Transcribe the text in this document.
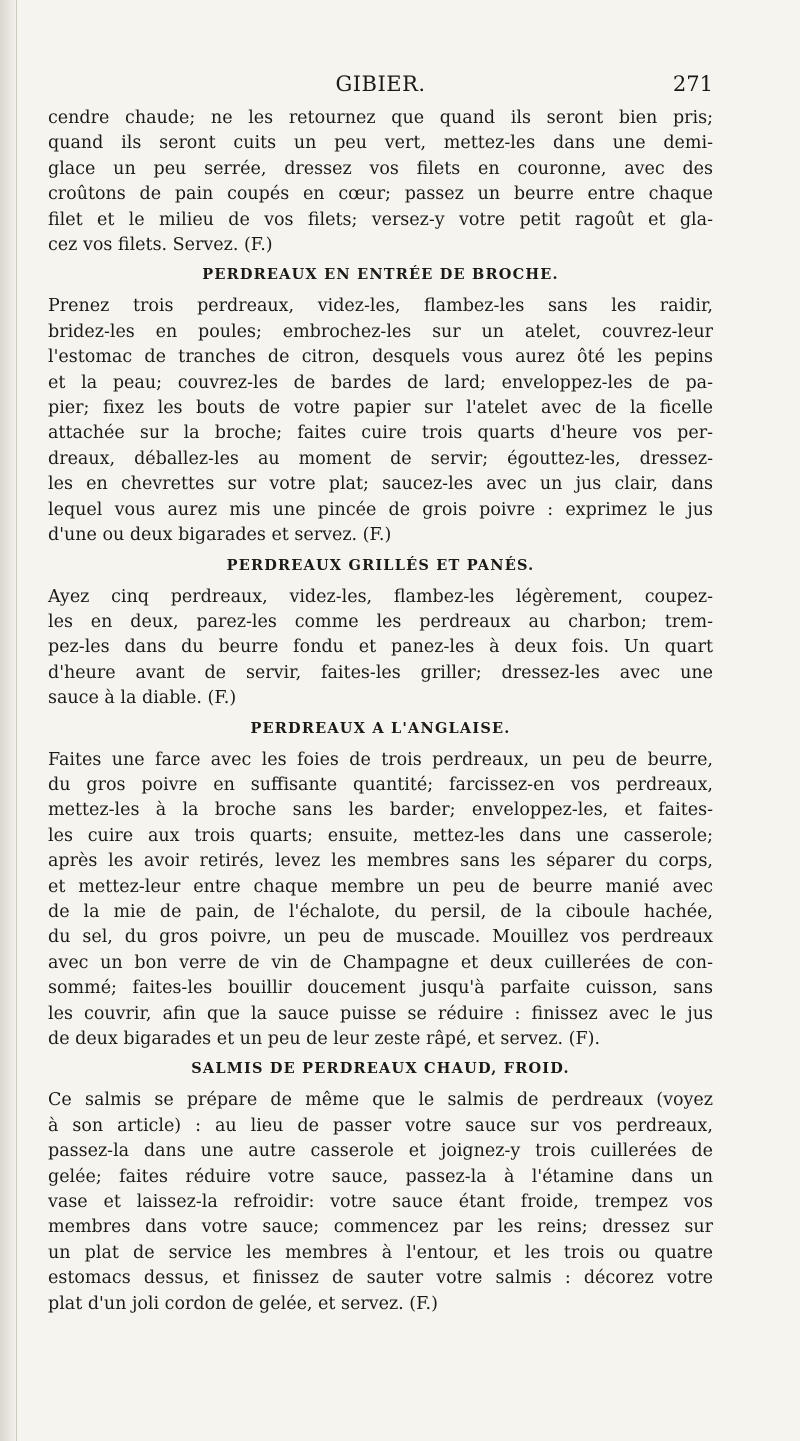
GIBIER.	271

cendre chaude; ne les retournez que quand ils seront bien pris;
quand ils seront cuits un peu vert, mettez-les dans une demi-
glace un peu serrée, dressez vos filets en couronne, avec des
croûtons de pain coupés en cœur; passez un beurre entre chaque
filet et le milieu de vos filets; versez-y votre petit ragoût et gla-
cez vos filets. Servez. (F.)

PERDREAUX EN ENTRÉE DE BROCHE.

Prenez trois perdreaux, videz-les, flambez-les sans les raidir,
bridez-les en poules; embrochez-les sur un atelet, couvrez-leur
l'estomac de tranches de citron, desquels vous aurez ôté les pepins
et la peau; couvrez-les de bardes de lard; enveloppez-les de pa-
pier; fixez les bouts de votre papier sur l'atelet avec de la ficelle
attachée sur la broche; faites cuire trois quarts d'heure vos per-
dreaux, déballez-les au moment de servir; égouttez-les, dressez-
les en chevrettes sur votre plat; saucez-les avec un jus clair, dans
lequel vous aurez mis une pincée de grois poivre : exprimez le jus
d'une ou deux bigarades et servez. (F.)

PERDREAUX GRILLÉS ET PANÉS.

Ayez cinq perdreaux, videz-les, flambez-les légèrement, coupez-
les en deux, parez-les comme les perdreaux au charbon; trem-
pez-les dans du beurre fondu et panez-les à deux fois. Un quart
d'heure avant de servir, faites-les griller; dressez-les avec une
sauce à la diable. (F.)

PERDREAUX A L'ANGLAISE.

Faites une farce avec les foies de trois perdreaux, un peu de beurre,
du gros poivre en suffisante quantité; farcissez-en vos perdreaux,
mettez-les à la broche sans les barder; enveloppez-les, et faites-
les cuire aux trois quarts; ensuite, mettez-les dans une casserole;
après les avoir retirés, levez les membres sans les séparer du corps,
et mettez-leur entre chaque membre un peu de beurre manié avec
de la mie de pain, de l'échalote, du persil, de la ciboule hachée,
du sel, du gros poivre, un peu de muscade. Mouillez vos perdreaux
avec un bon verre de vin de Champagne et deux cuillerées de con-
sommé; faites-les bouillir doucement jusqu'à parfaite cuisson, sans
les couvrir, afin que la sauce puisse se réduire : finissez avec le jus
de deux bigarades et un peu de leur zeste râpé, et servez. (F).

SALMIS DE PERDREAUX CHAUD, FROID.

Ce salmis se prépare de même que le salmis de perdreaux (voyez
à son article) : au lieu de passer votre sauce sur vos perdreaux,
passez-la dans une autre casserole et joignez-y trois cuillerées de
gelée; faites réduire votre sauce, passez-la à l'étamine dans un
vase et laissez-la refroidir: votre sauce étant froide, trempez vos
membres dans votre sauce; commencez par les reins; dressez sur
un plat de service les membres à l'entour, et les trois ou quatre
estomacs dessus, et finissez de sauter votre salmis : décorez votre
plat d'un joli cordon de gelée, et servez. (F.)
